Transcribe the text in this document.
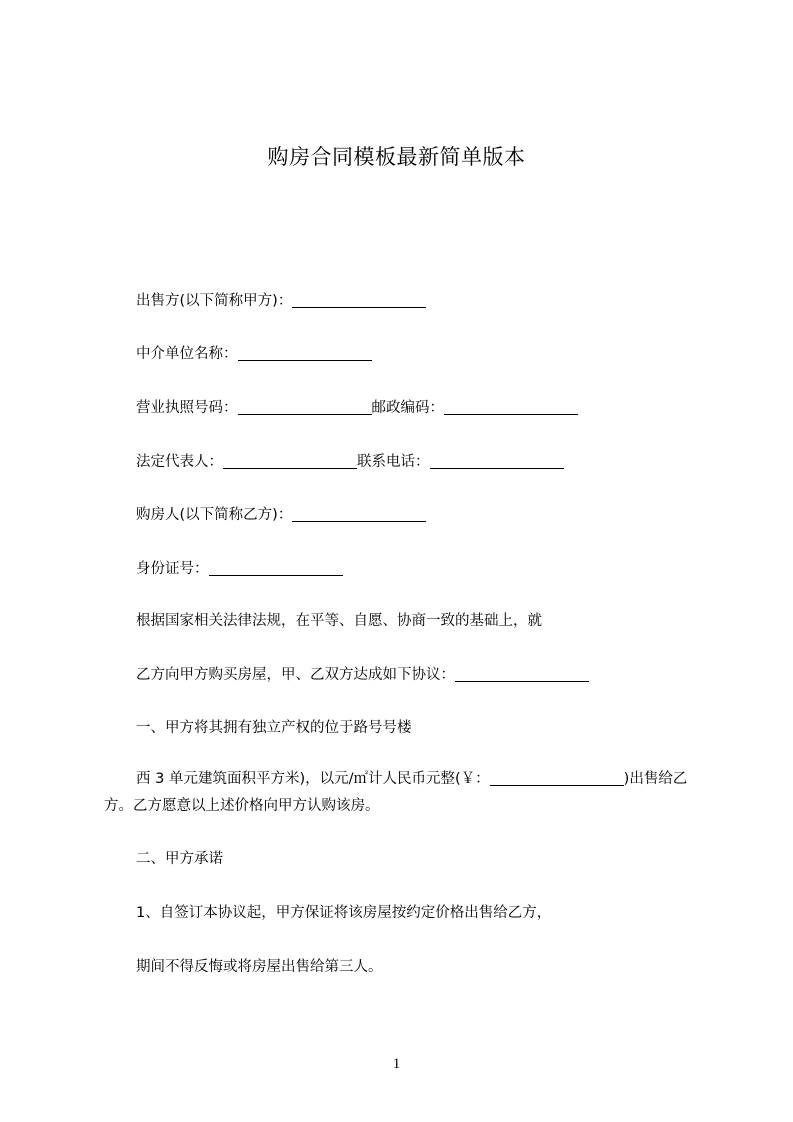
购房合同模板最新简单版本
出售方(以下简称甲方)：
中介单位名称：
营业执照号码：	邮政编码：
法定代表人：	联系电话：
购房人(以下简称乙方)：
身份证号：
根据国家相关法律法规，在平等、自愿、协商一致的基础上，就
乙方向甲方购买房屋，甲、乙双方达成如下协议：
一、甲方将其拥有独立产权的位于路号号楼
西 3 单元建筑面积平方米)，以元/㎡计人民币元整(￥：	)出售给乙方。乙方愿意以上述价格向甲方认购该房。
二、甲方承诺
1、自签订本协议起，甲方保证将该房屋按约定价格出售给乙方，
期间不得反悔或将房屋出售给第三人。
1
